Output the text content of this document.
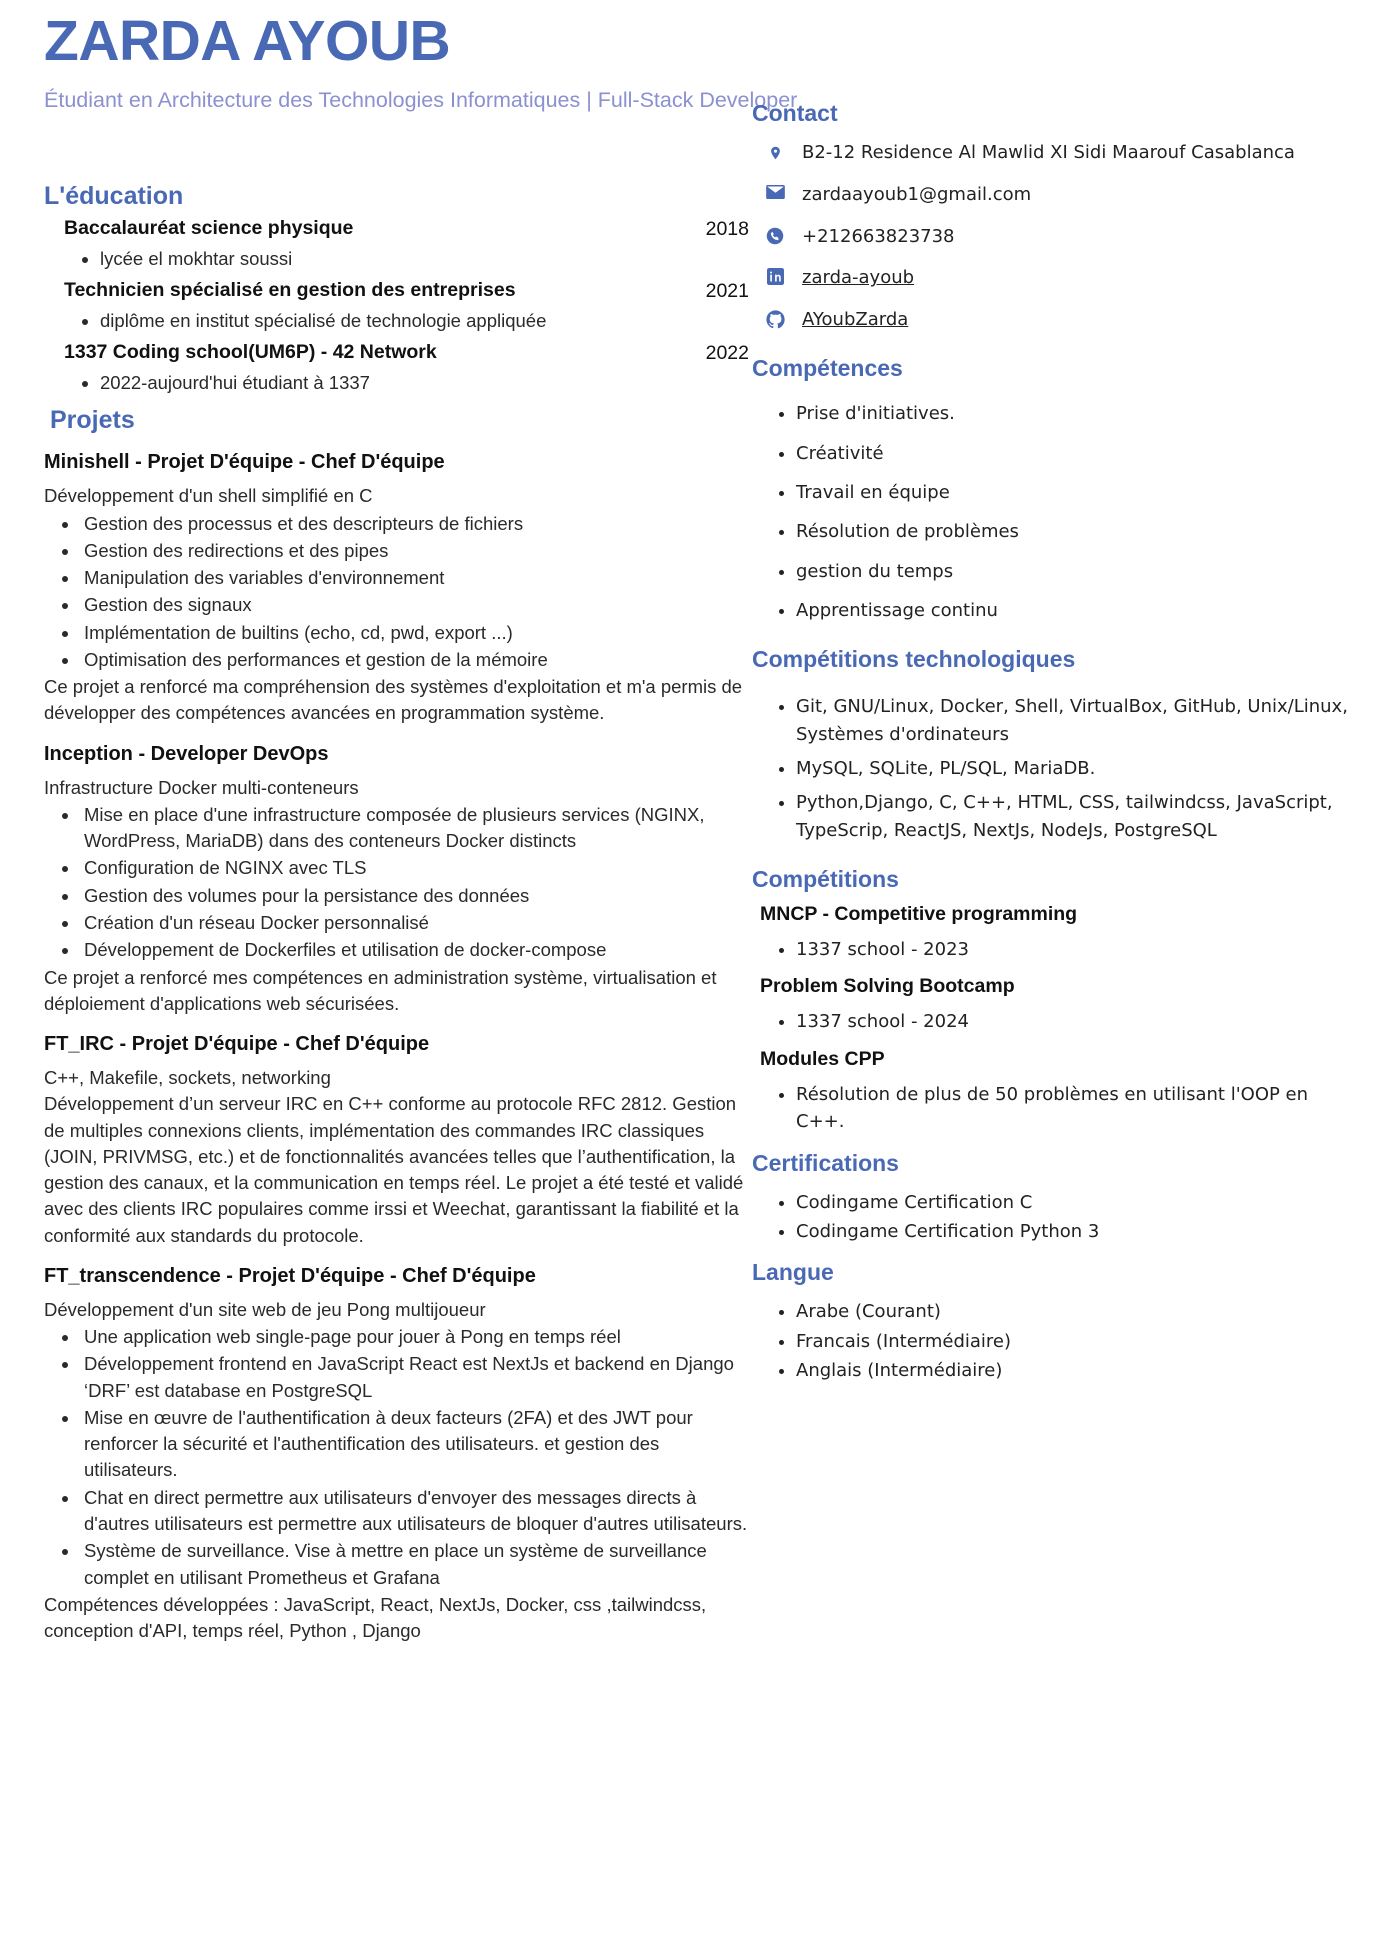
ZARDA AYOUB
Étudiant en Architecture des Technologies Informatiques | Full-Stack Developer
L'éducation
2018
Baccalauréat science physique
• lycée el mokhtar soussi
2021
Technicien spécialisé en gestion des entreprises
• diplôme en institut spécialisé de technologie appliquée
2022
1337 Coding school(UM6P) - 42 Network
• 2022-aujourd'hui étudiant à 1337
Projets
Minishell - Projet D'équipe - Chef D'équipe
Développement d'un shell simplifié en C
• Gestion des processus et des descripteurs de fichiers
• Gestion des redirections et des pipes
• Manipulation des variables d'environnement
• Gestion des signaux
• Implémentation de builtins (echo, cd, pwd, export ...)
• Optimisation des performances et gestion de la mémoire
Ce projet a renforcé ma compréhension des systèmes d'exploitation et m'a permis de développer des compétences avancées en programmation système.
Inception - Developer DevOps
Infrastructure Docker multi-conteneurs
• Mise en place d'une infrastructure composée de plusieurs services (NGINX, WordPress, MariaDB) dans des conteneurs Docker distincts
• Configuration de NGINX avec TLS
• Gestion des volumes pour la persistance des données
• Création d'un réseau Docker personnalisé
• Développement de Dockerfiles et utilisation de docker-compose
Ce projet a renforcé mes compétences en administration système, virtualisation et déploiement d'applications web sécurisées.
FT_IRC - Projet D'équipe - Chef D'équipe
C++, Makefile, sockets, networking
Développement d’un serveur IRC en C++ conforme au protocole RFC 2812. Gestion de multiples connexions clients, implémentation des commandes IRC classiques (JOIN, PRIVMSG, etc.) et de fonctionnalités avancées telles que l’authentification, la gestion des canaux, et la communication en temps réel. Le projet a été testé et validé avec des clients IRC populaires comme irssi et Weechat, garantissant la fiabilité et la conformité aux standards du protocole.
FT_transcendence - Projet D'équipe - Chef D'équipe
Développement d'un site web de jeu Pong multijoueur
• Une application web single-page pour jouer à Pong en temps réel
• Développement frontend en JavaScript React est NextJs et backend en Django ‘DRF’ est database en PostgreSQL
• Mise en œuvre de l'authentification à deux facteurs (2FA) et des JWT pour renforcer la sécurité et l'authentification des utilisateurs. et gestion des utilisateurs.
• Chat en direct permettre aux utilisateurs d'envoyer des messages directs à d'autres utilisateurs est permettre aux utilisateurs de bloquer d'autres utilisateurs.
• Système de surveillance. Vise à mettre en place un système de surveillance complet en utilisant Prometheus et Grafana
Compétences développées : JavaScript, React, NextJs, Docker, css ,tailwindcss, conception d'API, temps réel, Python , Django
Contact
B2-12 Residence Al Mawlid XI Sidi Maarouf Casablanca
zardaayoub1@gmail.com
+212663823738
zarda-ayoub
AYoubZarda
Compétences
• Prise d'initiatives.
• Créativité
• Travail en équipe
• Résolution de problèmes
• gestion du temps
• Apprentissage continu
Compétitions technologiques
• Git, GNU/Linux, Docker, Shell, VirtualBox, GitHub, Unix/Linux, Systèmes d'ordinateurs
• MySQL, SQLite, PL/SQL, MariaDB.
• Python,Django, C, C++, HTML, CSS, tailwindcss, JavaScript, TypeScrip, ReactJS, NextJs, NodeJs, PostgreSQL
Compétitions
MNCP - Competitive programming
• 1337 school - 2023
Problem Solving Bootcamp
• 1337 school - 2024
Modules CPP
• Résolution de plus de 50 problèmes en utilisant l'OOP en C++.
Certifications
• Codingame Certification C
• Codingame Certification Python 3
Langue
• Arabe (Courant)
• Francais (Intermédiaire)
• Anglais (Intermédiaire)
